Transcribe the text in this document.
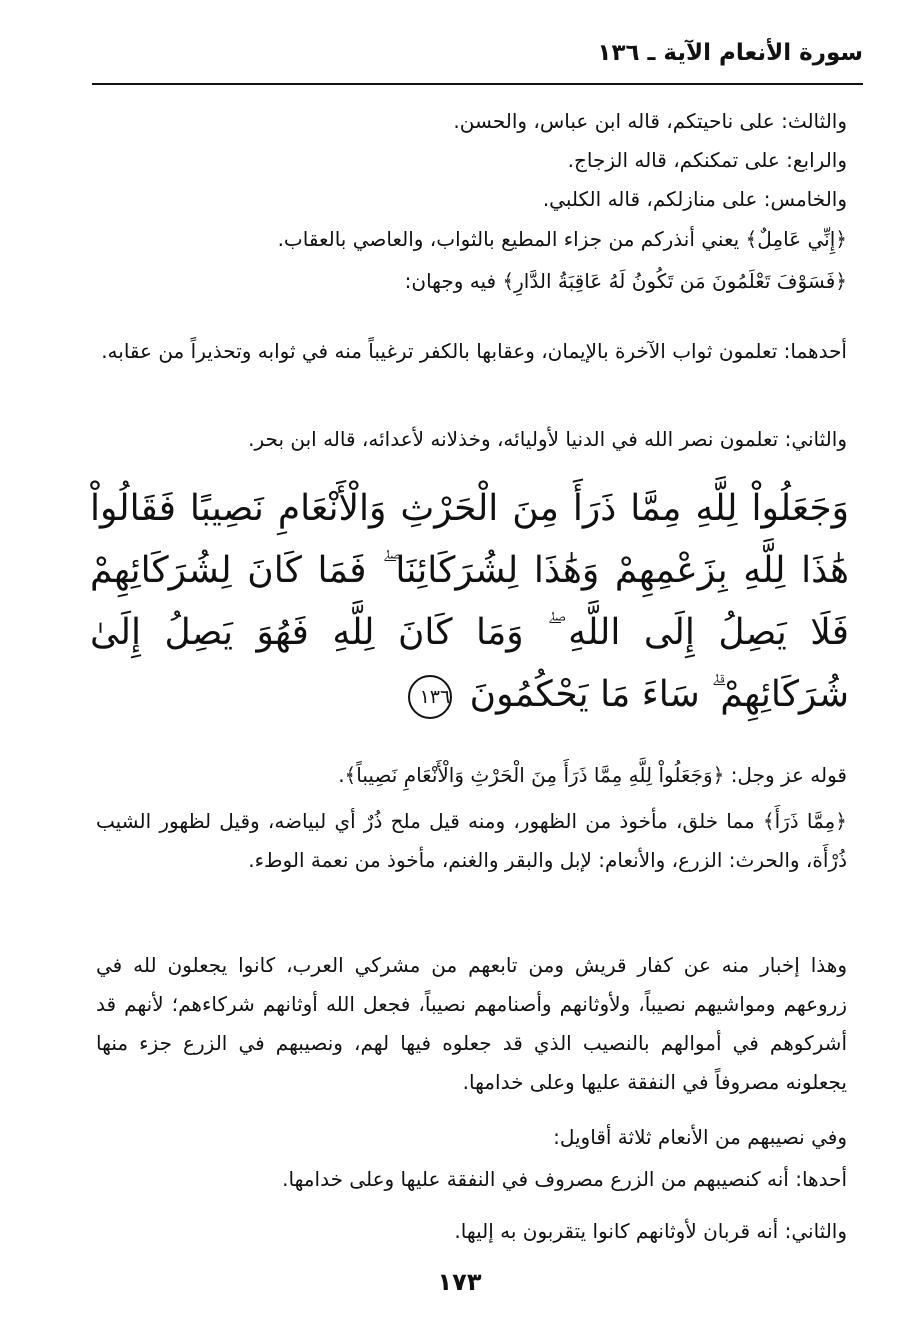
سورة الأنعام الآية ـ ١٣٦
والثالث: على ناحيتكم، قاله ابن عباس، والحسن.
والرابع: على تمكنكم، قاله الزجاج.
والخامس: على منازلكم، قاله الكلبي.
﴿إِنِّي عَامِلٌ﴾ يعني أنذركم من جزاء المطيع بالثواب، والعاصي بالعقاب.
﴿فَسَوْفَ تَعْلَمُونَ مَن تَكُونُ لَهُ عَاقِبَةُ الدَّارِ﴾ فيه وجهان:
أحدهما: تعلمون ثواب الآخرة بالإيمان، وعقابها بالكفر ترغيباً منه في ثوابه وتحذيراً من عقابه.
والثاني: تعلمون نصر الله في الدنيا لأوليائه، وخذلانه لأعدائه، قاله ابن بحر.
وَجَعَلُواْ لِلَّهِ مِمَّا ذَرَأَ مِنَ الْحَرْثِ وَالْأَنْعَامِ نَصِيبًا فَقَالُواْ هَٰذَا لِلَّهِ بِزَعْمِهِمْ وَهَٰذَا لِشُرَكَائِنَا ۖ فَمَا كَانَ لِشُرَكَائِهِمْ فَلَا يَصِلُ إِلَى اللَّهِ ۖ وَمَا كَانَ لِلَّهِ فَهُوَ يَصِلُ إِلَىٰ شُرَكَائِهِمْ ۗ سَاءَ مَا يَحْكُمُونَ ١٣٦
قوله عز وجل: ﴿وَجَعَلُواْ لِلَّهِ مِمَّا ذَرَأَ مِنَ الْحَرْثِ وَالْأَنْعَامِ نَصِيباً﴾.
﴿مِمَّا ذَرَأَ﴾ مما خلق، مأخوذ من الظهور، ومنه قيل ملح ذُرٌ أي لبياضه، وقيل لظهور الشيب ذُرْأَة، والحرث: الزرع، والأنعام: لإبل والبقر والغنم، مأخوذ من نعمة الوطء.
وهذا إخبار منه عن كفار قريش ومن تابعهم من مشركي العرب، كانوا يجعلون لله في زروعهم ومواشيهم نصيباً، ولأوثانهم وأصنامهم نصيباً، فجعل الله أوثانهم شركاءهم؛ لأنهم قد أشركوهم في أموالهم بالنصيب الذي قد جعلوه فيها لهم، ونصيبهم في الزرع جزء منها يجعلونه مصروفاً في النفقة عليها وعلى خدامها.
وفي نصيبهم من الأنعام ثلاثة أقاويل:
أحدها: أنه كنصيبهم من الزرع مصروف في النفقة عليها وعلى خدامها.
والثاني: أنه قربان لأوثانهم كانوا يتقربون به إليها.
١٧٣
